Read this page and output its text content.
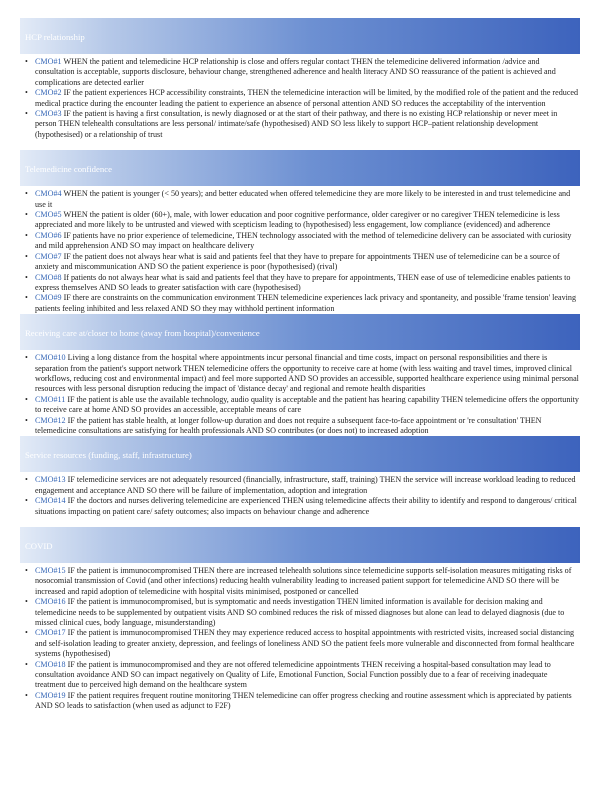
HCP relationship
• CMO#1 WHEN the patient and telemedicine HCP relationship is close and offers regular contact THEN the telemedicine delivered information /advice and consultation is acceptable, supports disclosure, behaviour change, strengthened adherence and health literacy AND SO reassurance of the patient is achieved and complications are detected earlier
• CMO#2 IF the patient experiences HCP accessibility constraints, THEN the telemedicine interaction will be limited, by the modified role of the patient and the reduced medical practice during the encounter leading the patient to experience an absence of personal attention AND SO reduces the acceptability of the intervention
• CMO#3 IF the patient is having a first consultation, is newly diagnosed or at the start of their pathway, and there is no existing HCP relationship or never meet in person THEN telehealth consultations are less personal/ intimate/safe (hypothesised) AND SO less likely to support HCP–patient relationship development (hypothesised) or a relationship of trust
Telemedicine confidence
• CMO#4 WHEN the patient is younger (< 50 years); and better educated when offered telemedicine they are more likely to be interested in and trust telemedicine and use it
• CMO#5 WHEN the patient is older (60+), male, with lower education and poor cognitive performance, older caregiver or no caregiver THEN telemedicine is less appreciated and more likely to be untrusted and viewed with scepticism leading to (hypothesised) less engagement, low compliance (evidenced) and adherence
• CMO#6 IF patients have no prior experience of telemedicine, THEN technology associated with the method of telemedicine delivery can be associated with curiosity and mild apprehension AND SO may impact on healthcare delivery
• CMO#7 IF the patient does not always hear what is said and patients feel that they have to prepare for appointments THEN use of telemedicine can be a source of anxiety and miscommunication AND SO the patient experience is poor (hypothesised) (rival)
• CMO#8 If patients do not always hear what is said and patients feel that they have to prepare for appointments, THEN ease of use of telemedicine enables patients to express themselves AND SO leads to greater satisfaction with care (hypothesised)
• CMO#9 IF there are constraints on the communication environment THEN telemedicine experiences lack privacy and spontaneity, and possible 'frame tension' leaving patients feeling inhibited and less relaxed AND SO they may withhold pertinent information
Receiving care at/closer to home (away from hospital)/convenience
• CMO#10 Living a long distance from the hospital where appointments incur personal financial and time costs, impact on personal responsibilities and there is separation from the patient's support network THEN telemedicine offers the opportunity to receive care at home (with less waiting and travel times, improved clinical workflows, reducing cost and environmental impact) and feel more supported AND SO provides an accessible, supported healthcare experience using minimal personal resources with less personal disruption reducing the impact of 'distance decay' and regional and remote health disparities
• CMO#11 IF the patient is able use the available technology, audio quality is acceptable and the patient has hearing capability THEN telemedicine offers the opportunity to receive care at home AND SO provides an accessible, acceptable means of care
• CMO#12 IF the patient has stable health, at longer follow-up duration and does not require a subsequent face-to-face appointment or 're consultation' THEN telemedicine consultations are satisfying for health professionals AND SO contributes (or does not) to increased adoption
Service resources (funding, staff, infrastructure)
• CMO#13 IF telemedicine services are not adequately resourced (financially, infrastructure, staff, training) THEN the service will increase workload leading to reduced engagement and acceptance AND SO there will be failure of implementation, adoption and integration
• CMO#14 IF the doctors and nurses delivering telemedicine are experienced THEN using telemedicine affects their ability to identify and respond to dangerous/ critical situations impacting on patient care/ safety outcomes; also impacts on behaviour change and adherence
COVID
• CMO#15 IF the patient is immunocompromised THEN there are increased telehealth solutions since telemedicine supports self-isolation measures mitigating risks of nosocomial transmission of Covid (and other infections) reducing health vulnerability leading to increased patient support for telemedicine AND SO there will be increased and rapid adoption of telemedicine with hospital visits minimised, postponed or cancelled
• CMO#16 IF the patient is immunocompromised, but is symptomatic and needs investigation THEN limited information is available for decision making and telemedicine needs to be supplemented by outpatient visits AND SO combined reduces the risk of missed diagnoses but alone can lead to delayed diagnosis (due to missed clinical cues, body language, misunderstanding)
• CMO#17 IF the patient is immunocompromised THEN they may experience reduced access to hospital appointments with restricted visits, increased social distancing and self-isolation leading to greater anxiety, depression, and feelings of loneliness AND SO the patient feels more vulnerable and disconnected from formal healthcare systems (hypothesised)
• CMO#18 IF the patient is immunocompromised and they are not offered telemedicine appointments THEN receiving a hospital-based consultation may lead to consultation avoidance AND SO can impact negatively on Quality of Life, Emotional Function, Social Function possibly due to a fear of receiving inadequate treatment due to perceived high demand on the healthcare system
• CMO#19 IF the patient requires frequent routine monitoring THEN telemedicine can offer progress checking and routine assessment which is appreciated by patients AND SO leads to satisfaction (when used as adjunct to F2F)
